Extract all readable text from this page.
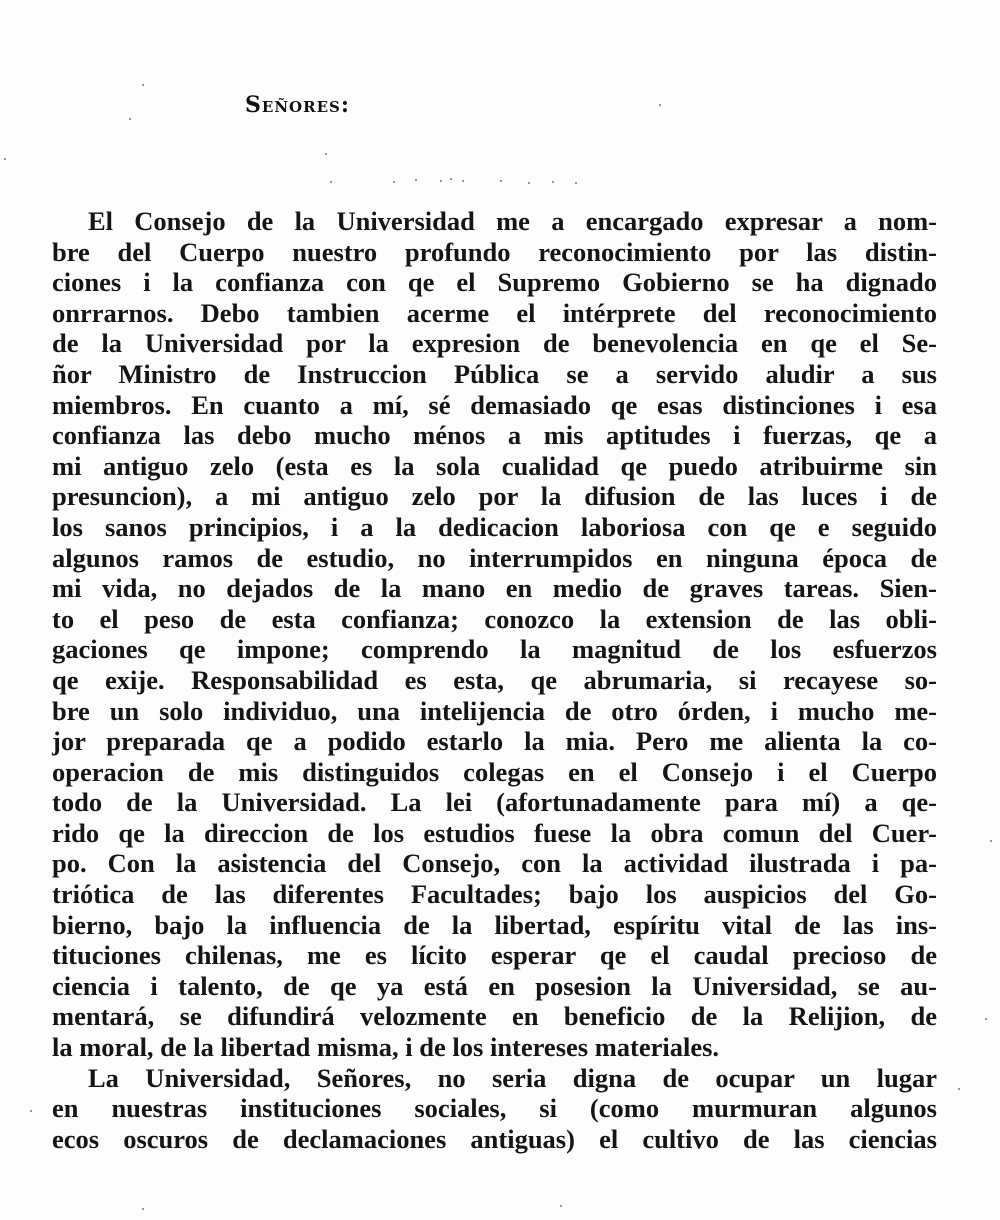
Señores:
El Consejo de la Universidad me a encargado expresar a nom-
bre del Cuerpo nuestro profundo reconocimiento por las distin-
ciones i la confianza con qe el Supremo Gobierno se ha dignado
onrrarnos. Debo tambien acerme el intérprete del reconocimiento
de la Universidad por la expresion de benevolencia en qe el Se-
ñor Ministro de Instruccion Pública se a servido aludir a sus
miembros. En cuanto a mí, sé demasiado qe esas distinciones i esa
confianza las debo mucho ménos a mis aptitudes i fuerzas, qe a
mi antiguo zelo (esta es la sola cualidad qe puedo atribuirme sin
presuncion), a mi antiguo zelo por la difusion de las luces i de
los sanos principios, i a la dedicacion laboriosa con qe e seguido
algunos ramos de estudio, no interrumpidos en ninguna época de
mi vida, no dejados de la mano en medio de graves tareas. Sien-
to el peso de esta confianza; conozco la extension de las obli-
gaciones qe impone; comprendo la magnitud de los esfuerzos
qe exije. Responsabilidad es esta, qe abrumaria, si recayese so-
bre un solo individuo, una intelijencia de otro órden, i mucho me-
jor preparada qe a podido estarlo la mia. Pero me alienta la co-
operacion de mis distinguidos colegas en el Consejo i el Cuerpo
todo de la Universidad. La lei (afortunadamente para mí) a qe-
rido qe la direccion de los estudios fuese la obra comun del Cuer-
po. Con la asistencia del Consejo, con la actividad ilustrada i pa-
triótica de las diferentes Facultades; bajo los auspicios del Go-
bierno, bajo la influencia de la libertad, espíritu vital de las ins-
tituciones chilenas, me es lícito esperar qe el caudal precioso de
ciencia i talento, de qe ya está en posesion la Universidad, se au-
mentará, se difundirá velozmente en beneficio de la Relijion, de
la moral, de la libertad misma, i de los intereses materiales.
La Universidad, Señores, no seria digna de ocupar un lugar
en nuestras instituciones sociales, si (como murmuran algunos
ecos oscuros de declamaciones antiguas) el cultivo de las ciencias
